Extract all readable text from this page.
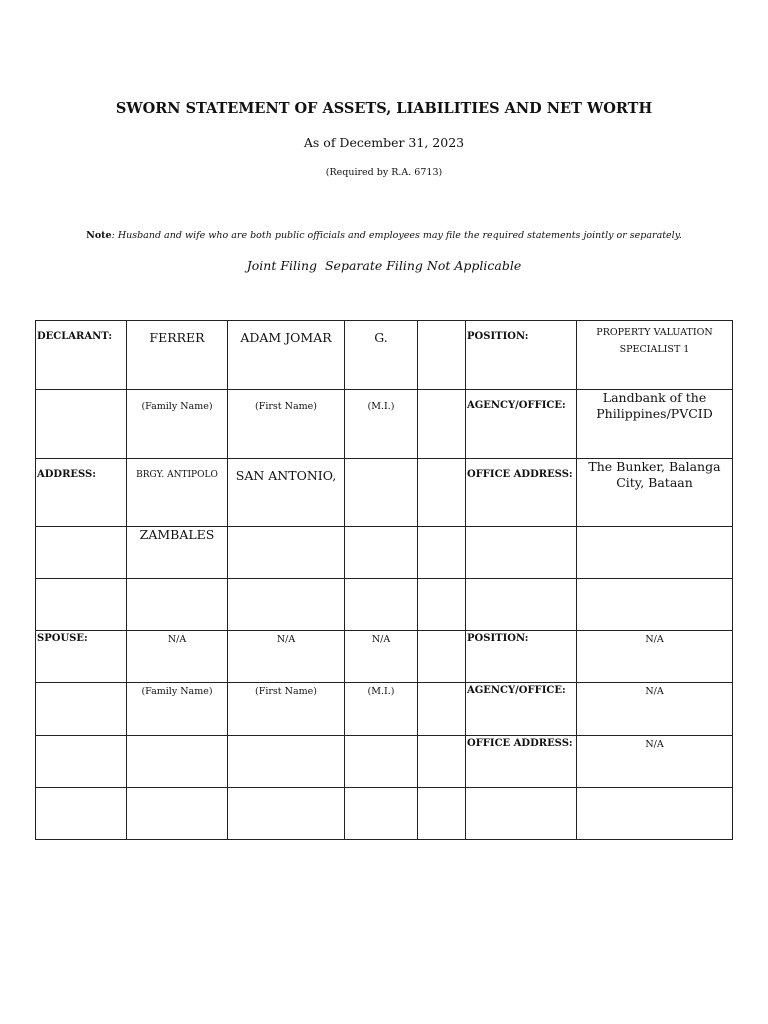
SWORN STATEMENT OF ASSETS, LIABILITIES AND NET WORTH
As of December 31, 2023
(Required by R.A. 6713)
Note: Husband and wife who are both public officials and employees may file the required statements jointly or separately.
Joint Filing  Separate Filing Not Applicable
DECLARANT:	FERRER	ADAM JOMAR	G.		POSITION:	PROPERTY VALUATION SPECIALIST 1
	(Family Name)	(First Name)	(M.I.)		AGENCY/OFFICE:	Landbank of the Philippines/PVCID
ADDRESS:	BRGY. ANTIPOLO	SAN ANTONIO,			OFFICE ADDRESS:	The Bunker, Balanga City, Bataan
	ZAMBALES					

SPOUSE:	N/A	N/A	N/A		POSITION:	N/A
	(Family Name)	(First Name)	(M.I.)		AGENCY/OFFICE:	N/A
					OFFICE ADDRESS:	N/A
